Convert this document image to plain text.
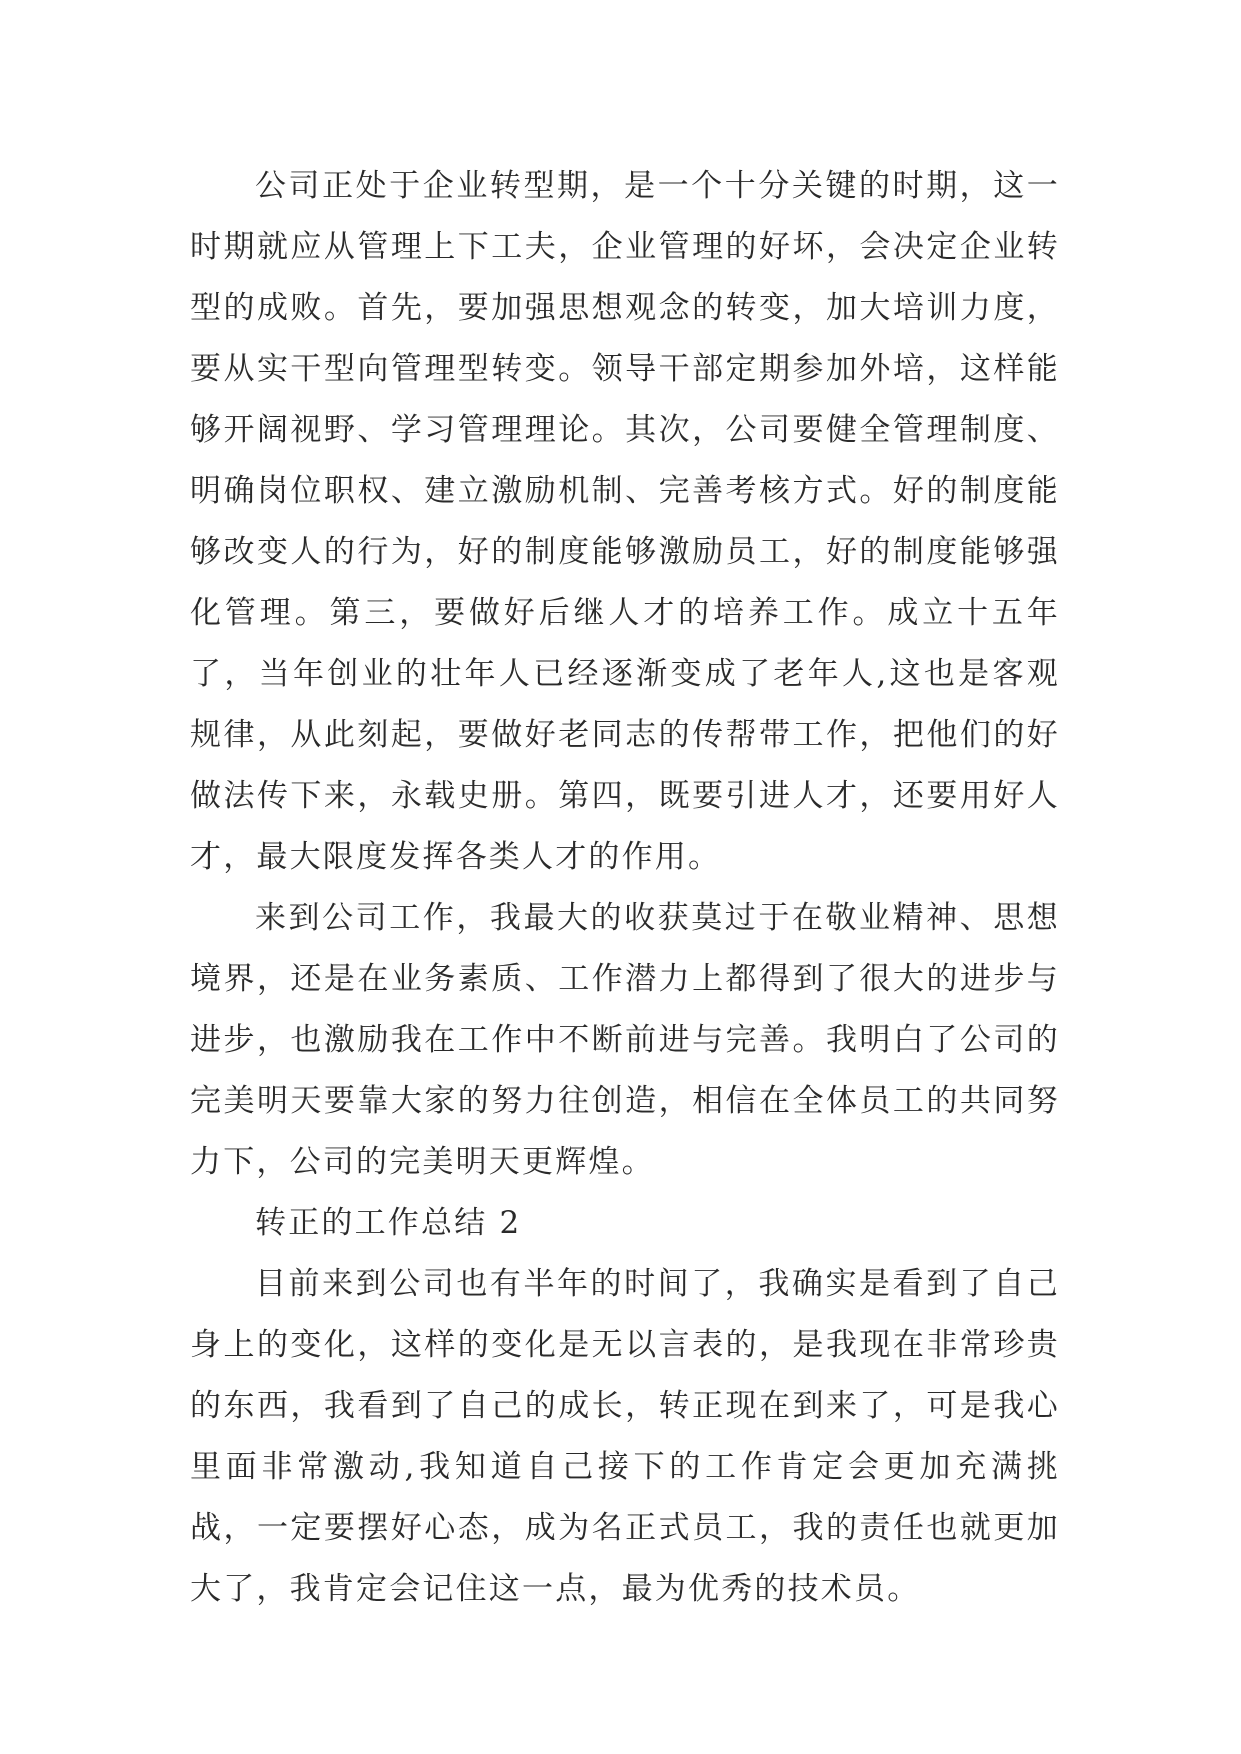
公司正处于企业转型期，是一个十分关键的时期，这一时期就应从管理上下工夫，企业管理的好坏，会决定企业转型的成败。首先，要加强思想观念的转变，加大培训力度，要从实干型向管理型转变。领导干部定期参加外培，这样能够开阔视野、学习管理理论。其次，公司要健全管理制度、明确岗位职权、建立激励机制、完善考核方式。好的制度能够改变人的行为，好的制度能够激励员工，好的制度能够强化管理。第三，要做好后继人才的培养工作。成立十五年了，当年创业的壮年人已经逐渐变成了老年人,这也是客观规律，从此刻起，要做好老同志的传帮带工作，把他们的好做法传下来，永载史册。第四，既要引进人才，还要用好人才，最大限度发挥各类人才的作用。

来到公司工作，我最大的收获莫过于在敬业精神、思想境界，还是在业务素质、工作潜力上都得到了很大的进步与进步，也激励我在工作中不断前进与完善。我明白了公司的完美明天要靠大家的努力往创造，相信在全体员工的共同努力下，公司的完美明天更辉煌。

转正的工作总结 2

目前来到公司也有半年的时间了，我确实是看到了自己身上的变化，这样的变化是无以言表的，是我现在非常珍贵的东西，我看到了自己的成长，转正现在到来了，可是我心里面非常激动,我知道自己接下的工作肯定会更加充满挑战，一定要摆好心态，成为名正式员工，我的责任也就更加大了，我肯定会记住这一点，最为优秀的技术员。
